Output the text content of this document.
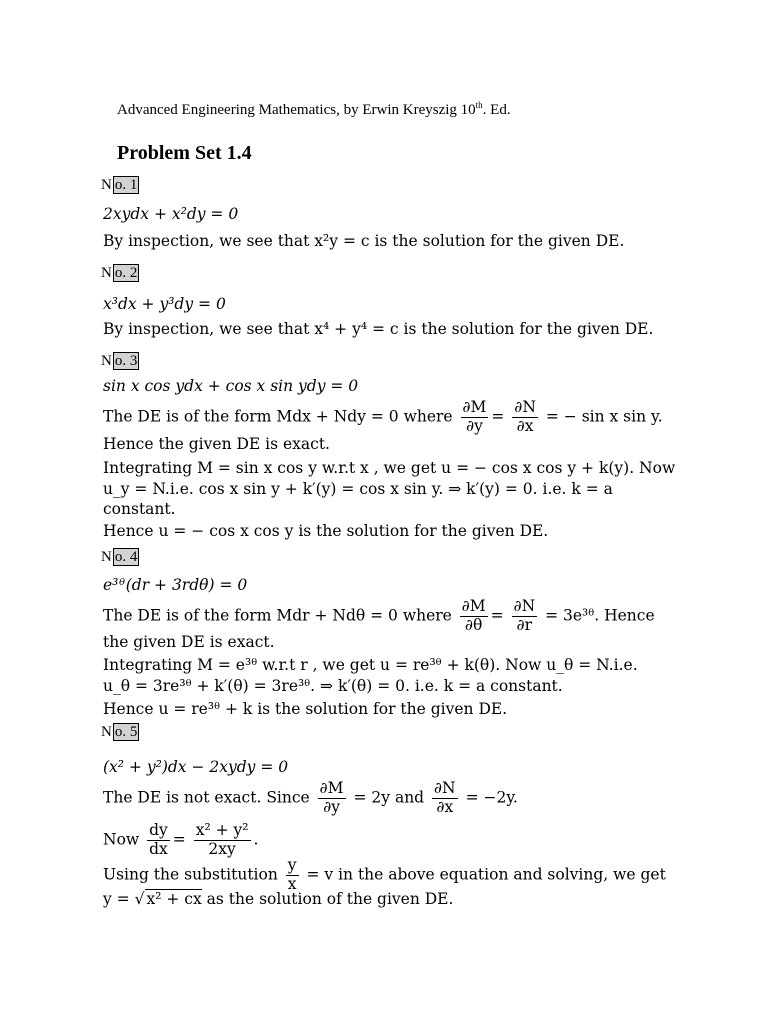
Advanced Engineering Mathematics, by Erwin Kreyszig 10th. Ed.
Problem Set 1.4
N o. 1
2xydx + x²dy = 0
By inspection, we see that x²y = c is the solution for the given DE.
N o. 2
x³dx + y³dy = 0
By inspection, we see that x⁴ + y⁴ = c is the solution for the given DE.
N o. 3
sin x cos ydx + cos x sin ydy = 0
The DE is of the form Mdx + Ndy = 0 where $\frac{\partial M}{\partial y} = \frac{\partial N}{\partial x}$ = − sin x sin y.
Hence the given DE is exact.
Integrating M = sin x cos y w.r.t x , we get u = − cos x cos y + k(y). Now
u_y = N.i.e. cos x sin y + k′(y) = cos x sin y. ⇒ k′(y) = 0. i.e. k = a
constant.
Hence u = − cos x cos y is the solution for the given DE.
N o. 4
e³ᶿ(dr + 3rdθ) = 0
The DE is of the form Mdr + Ndθ = 0 where $\frac{\partial M}{\partial\theta} = \frac{\partial N}{\partial r}$ = 3e³ᶿ. Hence
the given DE is exact.
Integrating M = e³ᶿ w.r.t r , we get u = re³ᶿ + k(θ). Now u_θ = N.i.e.
u_θ = 3re³ᶿ + k′(θ) = 3re³ᶿ. ⇒ k′(θ) = 0. i.e. k = a constant.
Hence u = re³ᶿ + k is the solution for the given DE.
N o. 5
(x² + y²)dx − 2xydy = 0
The DE is not exact. Since $\frac{\partial M}{\partial y} = 2y$ and $\frac{\partial N}{\partial x} = -2y$.
Now $\frac{dy}{dx} = \frac{\text{x² + y²}}{2xy}$ .
Using the substitution $\frac{y}{x} = v$ in the above equation and solving, we get
y = √ x² + cx as the solution of the given DE.
